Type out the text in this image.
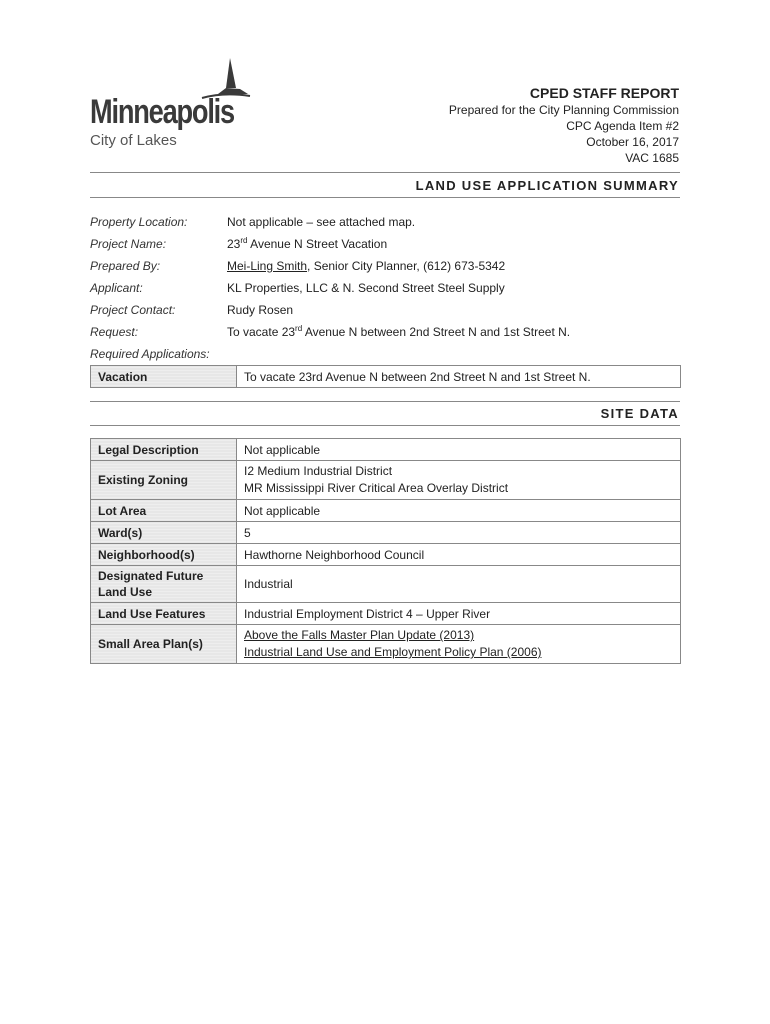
Minneapolis
City of Lakes
CPED STAFF REPORT
Prepared for the City Planning Commission
CPC Agenda Item #2
October 16, 2017
VAC 1685
LAND USE APPLICATION SUMMARY
Property Location:	Not applicable – see attached map.
Project Name:	23rd Avenue N Street Vacation
Prepared By:	Mei-Ling Smith, Senior City Planner, (612) 673-5342
Applicant:	KL Properties, LLC & N. Second Street Steel Supply
Project Contact:	Rudy Rosen
Request:	To vacate 23rd Avenue N between 2nd Street N and 1st Street N.
Required Applications:
Vacation	To vacate 23rd Avenue N between 2nd Street N and 1st Street N.
SITE DATA
Legal Description	Not applicable
Existing Zoning	I2 Medium Industrial District
MR Mississippi River Critical Area Overlay District

Lot Area	Not applicable
Ward(s)	5
Neighborhood(s)	Hawthorne Neighborhood Council
Designated Future Land Use	Industrial
Land Use Features	Industrial Employment District 4 – Upper River
Small Area Plan(s)	Above the Falls Master Plan Update (2013)
Industrial Land Use and Employment Policy Plan (2006)
